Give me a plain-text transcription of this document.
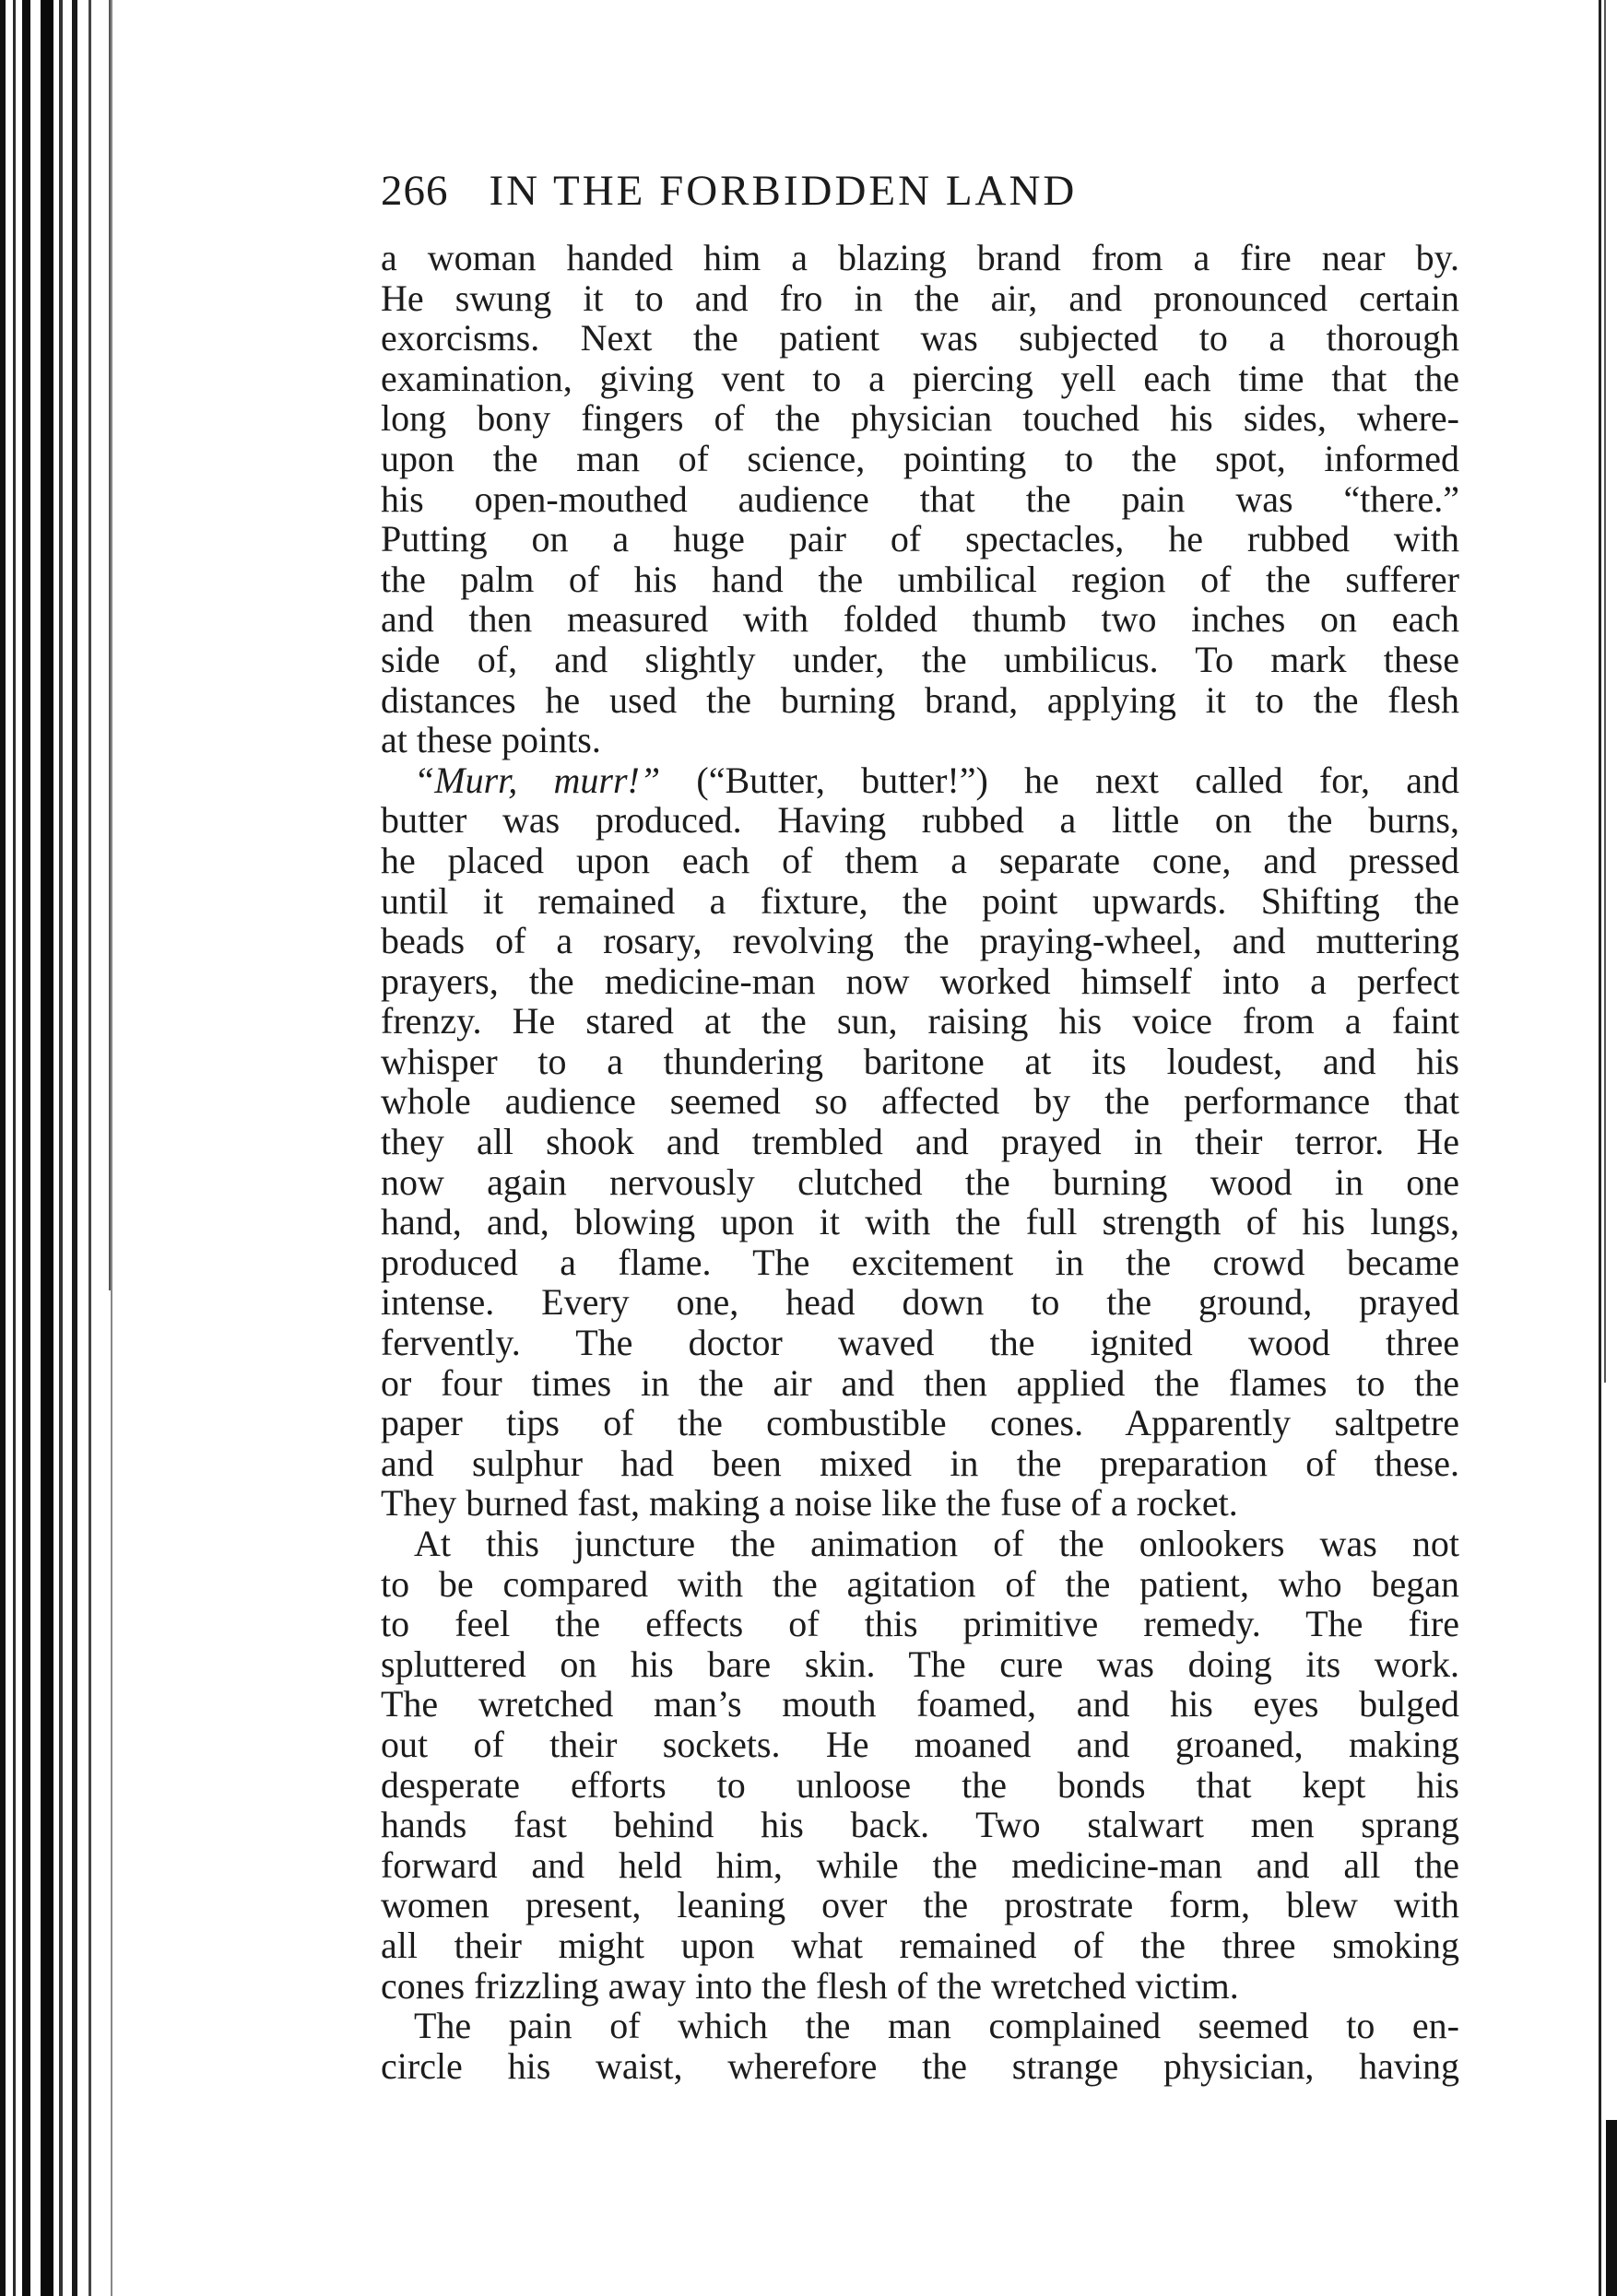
266 IN THE FORBIDDEN LAND

a woman handed him a blazing brand from a fire near by.
He swung it to and fro in the air, and pronounced certain
exorcisms. Next the patient was subjected to a thorough
examination, giving vent to a piercing yell each time that the
long bony fingers of the physician touched his sides, where-
upon the man of science, pointing to the spot, informed
his open-mouthed audience that the pain was “there.”
Putting on a huge pair of spectacles, he rubbed with
the palm of his hand the umbilical region of the sufferer
and then measured with folded thumb two inches on each
side of, and slightly under, the umbilicus. To mark these
distances he used the burning brand, applying it to the flesh
at these points.

“Murr, murr!” (“Butter, butter!”) he next called for, and
butter was produced. Having rubbed a little on the burns,
he placed upon each of them a separate cone, and pressed
until it remained a fixture, the point upwards. Shifting the
beads of a rosary, revolving the praying-wheel, and muttering
prayers, the medicine-man now worked himself into a perfect
frenzy. He stared at the sun, raising his voice from a faint
whisper to a thundering baritone at its loudest, and his
whole audience seemed so affected by the performance that
they all shook and trembled and prayed in their terror. He
now again nervously clutched the burning wood in one
hand, and, blowing upon it with the full strength of his lungs,
produced a flame. The excitement in the crowd became
intense. Every one, head down to the ground, prayed
fervently. The doctor waved the ignited wood three
or four times in the air and then applied the flames to the
paper tips of the combustible cones. Apparently saltpetre
and sulphur had been mixed in the preparation of these.
They burned fast, making a noise like the fuse of a rocket.

At this juncture the animation of the onlookers was not
to be compared with the agitation of the patient, who began
to feel the effects of this primitive remedy. The fire
spluttered on his bare skin. The cure was doing its work.
The wretched man’s mouth foamed, and his eyes bulged
out of their sockets. He moaned and groaned, making
desperate efforts to unloose the bonds that kept his
hands fast behind his back. Two stalwart men sprang
forward and held him, while the medicine-man and all the
women present, leaning over the prostrate form, blew with
all their might upon what remained of the three smoking
cones frizzling away into the flesh of the wretched victim.

The pain of which the man complained seemed to en-
circle his waist, wherefore the strange physician, having
